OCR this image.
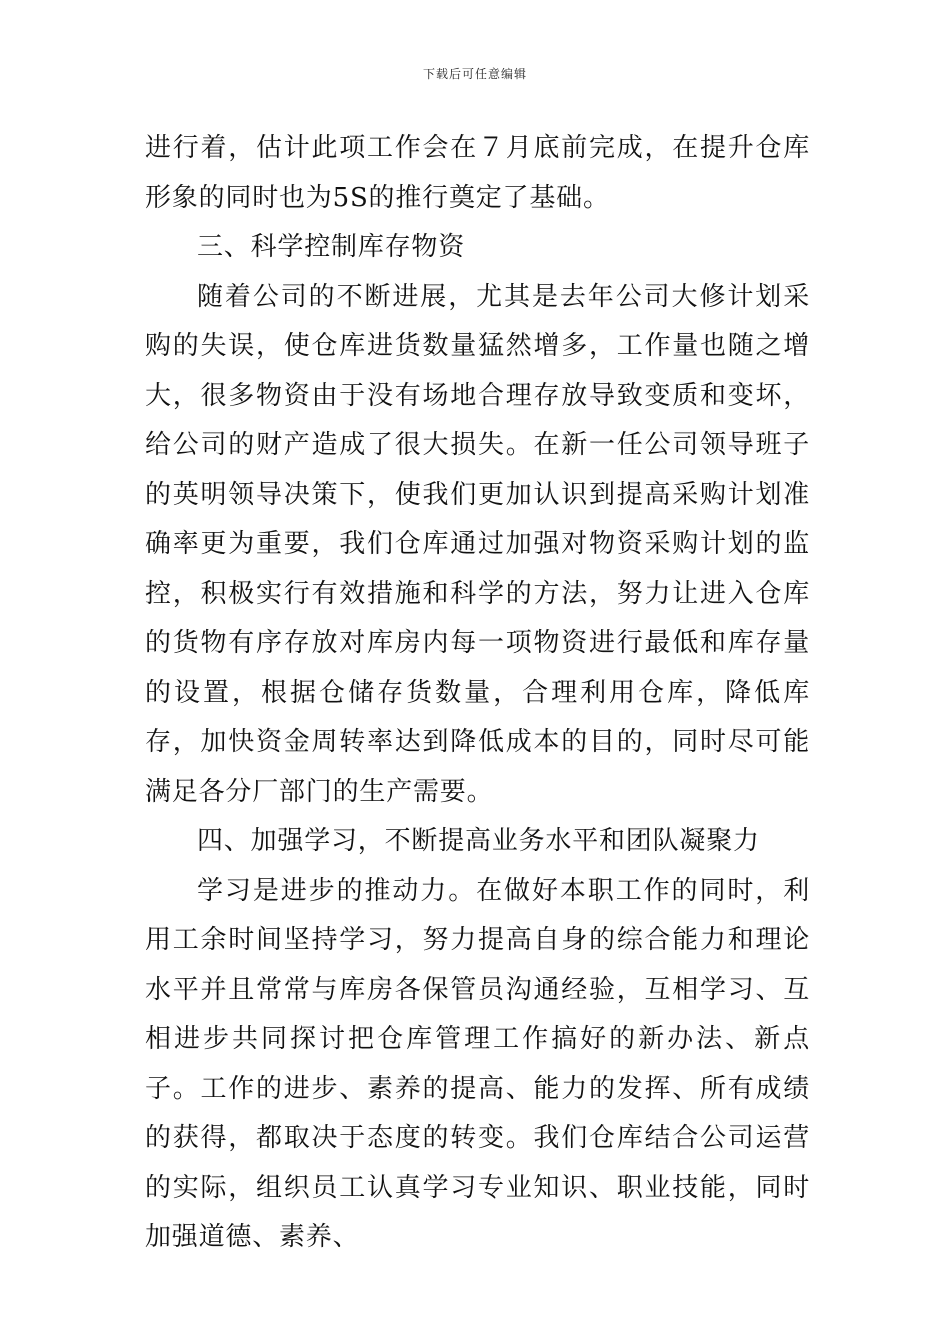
下载后可任意编辑

进行着，估计此项工作会在７月底前完成，在提升仓库形象的同时也为5S的推行奠定了基础。

三、科学控制库存物资

随着公司的不断进展，尤其是去年公司大修计划采购的失误，使仓库进货数量猛然增多，工作量也随之增大，很多物资由于没有场地合理存放导致变质和变坏，给公司的财产造成了很大损失。在新一任公司领导班子的英明领导决策下，使我们更加认识到提高采购计划准确率更为重要，我们仓库通过加强对物资采购计划的监控，积极实行有效措施和科学的方法，努力让进入仓库的货物有序存放对库房内每一项物资进行最低和库存量的设置，根据仓储存货数量，合理利用仓库，降低库存，加快资金周转率达到降低成本的目的，同时尽可能满足各分厂部门的生产需要。

四、加强学习，不断提高业务水平和团队凝聚力

学习是进步的推动力。在做好本职工作的同时，利用工余时间坚持学习，努力提高自身的综合能力和理论水平并且常常与库房各保管员沟通经验，互相学习、互相进步共同探讨把仓库管理工作搞好的新办法、新点子。工作的进步、素养的提高、能力的发挥、所有成绩的获得，都取决于态度的转变。我们仓库结合公司运营的实际，组织员工认真学习专业知识、职业技能，同时加强道德、素养、
